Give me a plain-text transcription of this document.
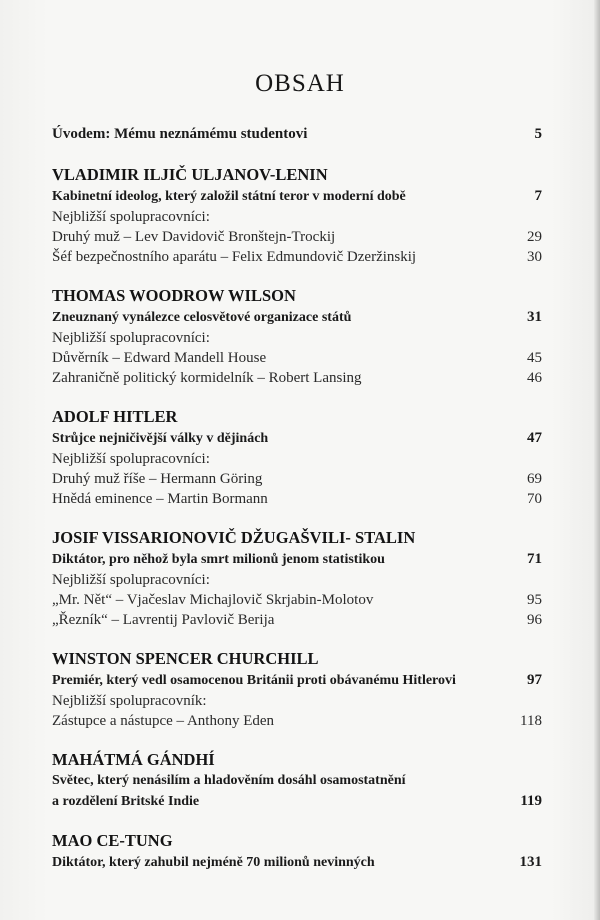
OBSAH
Úvodem: Mému neznámému studentovi	5
VLADIMIR ILJIČ ULJANOV-LENIN
Kabinetní ideolog, který založil státní teror v moderní době	7
Nejbližší spolupracovníci:
Druhý muž – Lev Davidovič Bronštejn-Trockij	29
Šéf bezpečnostního aparátu – Felix Edmundovič Dzeržinskij	30
THOMAS WOODROW WILSON
Zneuznaný vynálezce celosvětové organizace států	31
Nejbližší spolupracovníci:
Důvěrník – Edward Mandell House	45
Zahraničně politický kormidelník – Robert Lansing	46
ADOLF HITLER
Strůjce nejničivější války v dějinách	47
Nejbližší spolupracovníci:
Druhý muž říše – Hermann Göring	69
Hnědá eminence – Martin Bormann	70
JOSIF VISSARIONOVIČ DŽUGAŠVILI- STALIN
Diktátor, pro něhož byla smrt milionů jenom statistikou	71
Nejbližší spolupracovníci:
„Mr. Nět“ – Vjačeslav Michajlovič Skrjabin-Molotov	95
„Řezník“ – Lavrentij Pavlovič Berija	96
WINSTON SPENCER CHURCHILL
Premiér, který vedl osamocenou Británii proti obávanému Hitlerovi	97
Nejbližší spolupracovník:
Zástupce a nástupce – Anthony Eden	118
MAHÁTMÁ GÁNDHÍ
Světec, který nenásilím a hladověním dosáhl osamostatnění
a rozdělení Britské Indie	119
MAO CE-TUNG
Diktátor, který zahubil nejméně 70 milionů nevinných	131
